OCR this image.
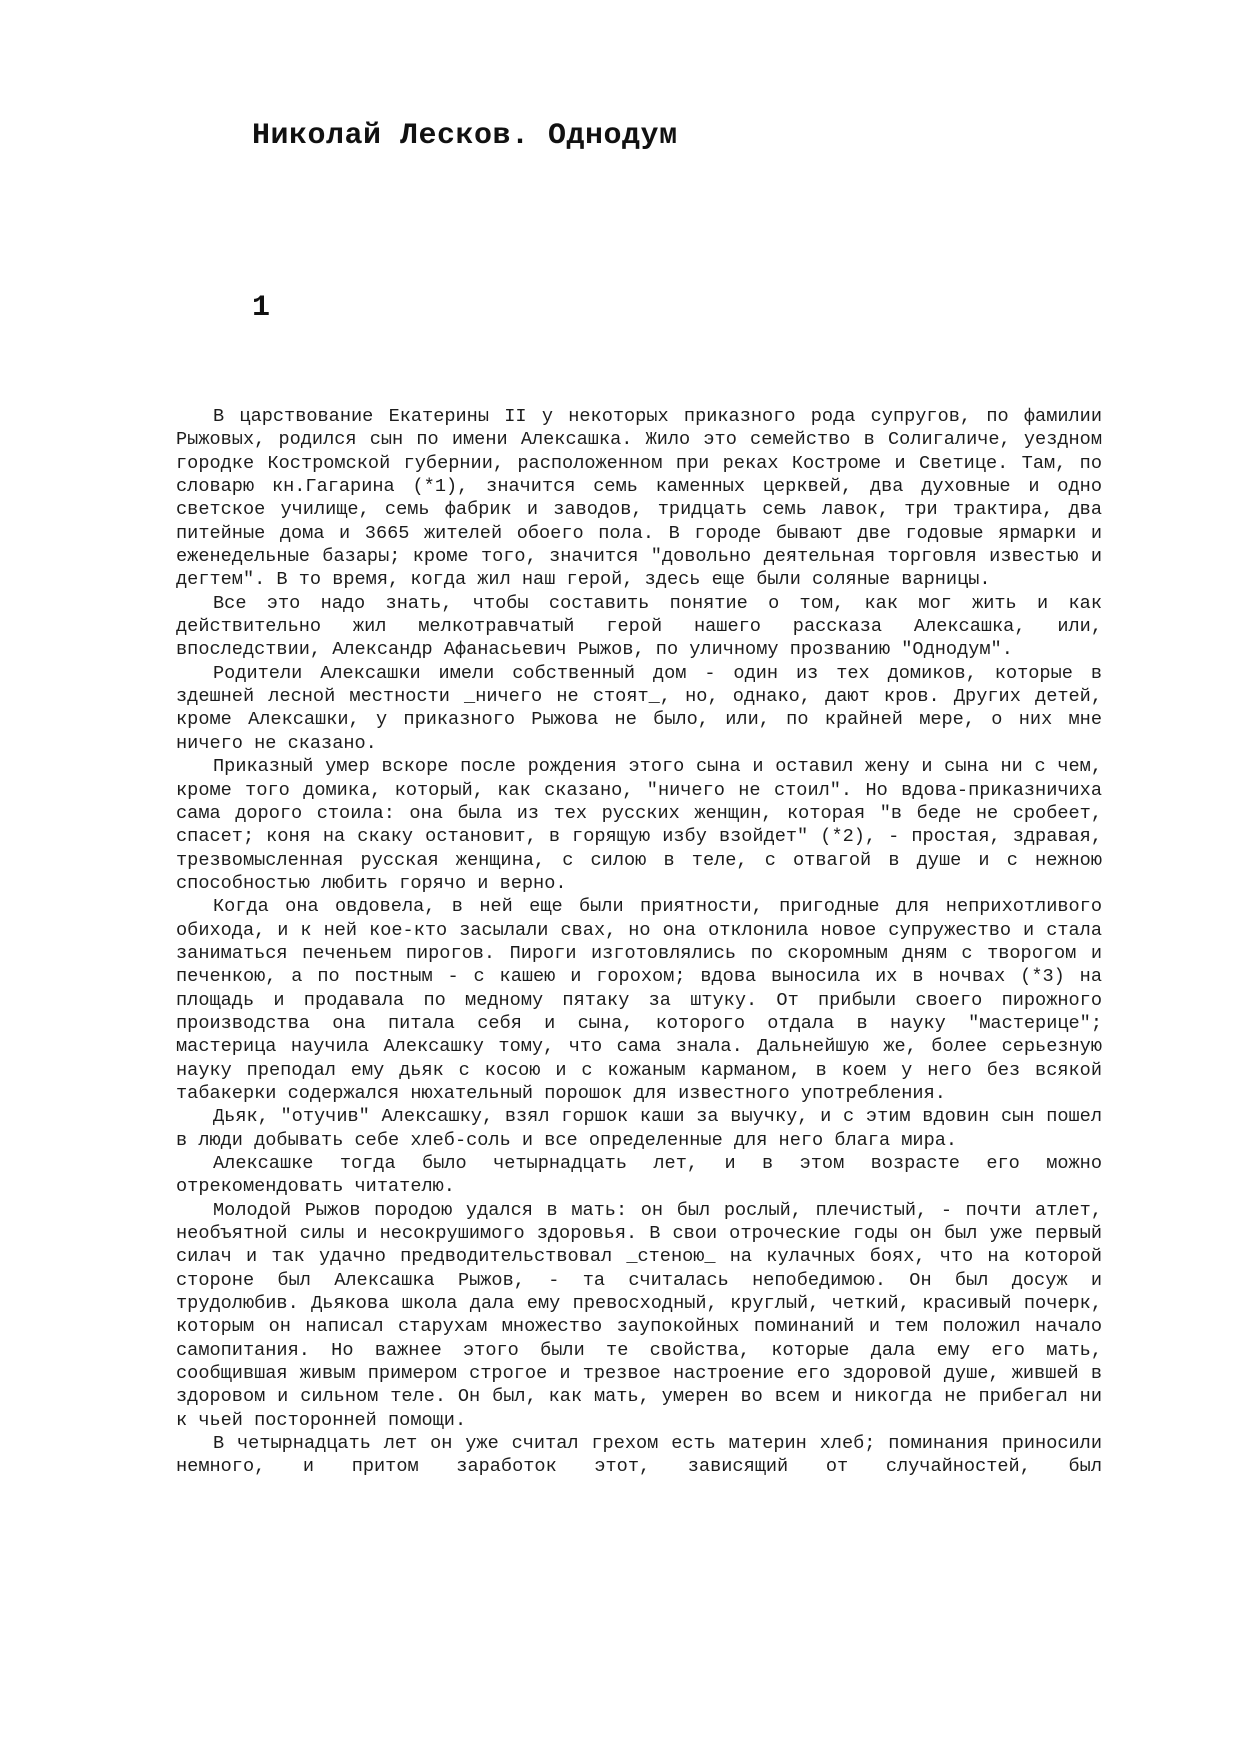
Николай Лесков. Однодум
1

В царствование Екатерины II у некоторых приказного рода супругов, по фамилии Рыжовых, родился сын по имени Алексашка. Жило это семейство в Солигаличе, уездном городке Костромской губернии, расположенном при реках Костроме и Светице. Там, по словарю кн.Гагарина (*1), значится семь каменных церквей, два духовные и одно светское училище, семь фабрик и заводов, тридцать семь лавок, три трактира, два питейные дома и 3665 жителей обоего пола. В городе бывают две годовые ярмарки и еженедельные базары; кроме того, значится "довольно деятельная торговля известью и дегтем". В то время, когда жил наш герой, здесь еще были соляные варницы.

Все это надо знать, чтобы составить понятие о том, как мог жить и как действительно жил мелкотравчатый герой нашего рассказа Алексашка, или, впоследствии, Александр Афанасьевич Рыжов, по уличному прозванию "Однодум".

Родители Алексашки имели собственный дом - один из тех домиков, которые в здешней лесной местности _ничего не стоят_, но, однако, дают кров. Других детей, кроме Алексашки, у приказного Рыжова не было, или, по крайней мере, о них мне ничего не сказано.

Приказный умер вскоре после рождения этого сына и оставил жену и сына ни с чем, кроме того домика, который, как сказано, "ничего не стоил". Но вдова-приказничиха сама дорого стоила: она была из тех русских женщин, которая "в беде не сробеет, спасет; коня на скаку остановит, в горящую избу взойдет" (*2), - простая, здравая, трезвомысленная русская женщина, с силою в теле, с отвагой в душе и с нежною способностью любить горячо и верно.

Когда она овдовела, в ней еще были приятности, пригодные для неприхотливого обихода, и к ней кое-кто засылали свах, но она отклонила новое супружество и стала заниматься печеньем пирогов. Пироги изготовлялись по скоромным дням с творогом и печенкою, а по постным - с кашею и горохом; вдова выносила их в ночвах (*3) на площадь и продавала по медному пятаку за штуку. От прибыли своего пирожного производства она питала себя и сына, которого отдала в науку "мастерице"; мастерица научила Алексашку тому, что сама знала. Дальнейшую же, более серьезную науку преподал ему дьяк с косою и с кожаным карманом, в коем у него без всякой табакерки содержался нюхательный порошок для известного употребления.

Дьяк, "отучив" Алексашку, взял горшок каши за выучку, и с этим вдовин сын пошел в люди добывать себе хлеб-соль и все определенные для него блага мира.

Алексашке тогда было четырнадцать лет, и в этом возрасте его можно отрекомендовать читателю.

Молодой Рыжов породою удался в мать: он был рослый, плечистый, - почти атлет, необъятной силы и несокрушимого здоровья. В свои отроческие годы он был уже первый силач и так удачно предводительствовал _стеною_ на кулачных боях, что на которой стороне был Алексашка Рыжов, - та считалась непобедимою. Он был досуж и трудолюбив. Дьякова школа дала ему превосходный, круглый, четкий, красивый почерк, которым он написал старухам множество заупокойных поминаний и тем положил начало самопитания. Но важнее этого были те свойства, которые дала ему его мать, сообщившая живым примером строгое и трезвое настроение его здоровой душе, жившей в здоровом и сильном теле. Он был, как мать, умерен во всем и никогда не прибегал ни к чьей посторонней помощи.

В четырнадцать лет он уже считал грехом есть материн хлеб; поминания приносили немного, и притом заработок этот, зависящий от случайностей, был
